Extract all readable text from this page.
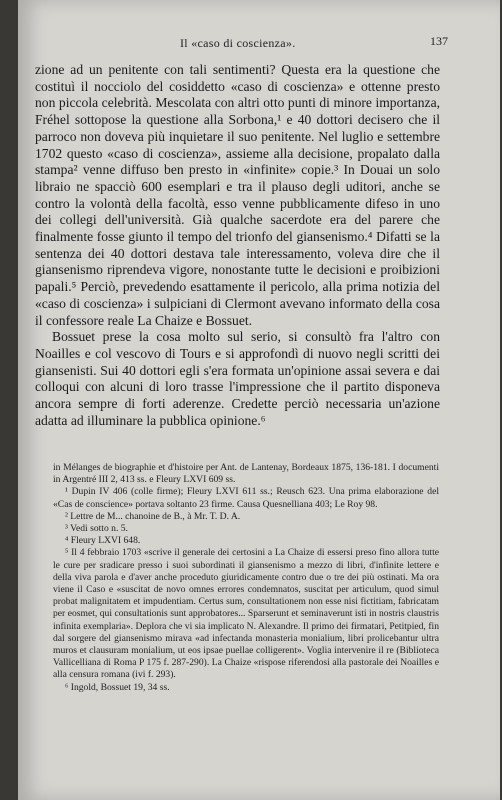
Il «caso di coscienza».	137

zione ad un penitente con tali sentimenti? Questa era la questione che costituì il nocciolo del cosiddetto «caso di coscienza» e ottenne presto non piccola celebrità. Mescolata con altri otto punti di minore importanza, Fréhel sottopose la questione alla Sorbona,¹ e 40 dottori decisero che il parroco non doveva più inquietare il suo penitente. Nel luglio e settembre 1702 questo «caso di coscienza», assieme alla decisione, propalato dalla stampa² venne diffuso ben presto in «infinite» copie.³ In Douai un solo libraio ne spacciò 600 esemplari e tra il plauso degli uditori, anche se contro la volontà della facoltà, esso venne pubblicamente difeso in uno dei collegi dell'università. Già qualche sacerdote era del parere che finalmente fosse giunto il tempo del trionfo del giansenismo.⁴ Difatti se la sentenza dei 40 dottori destava tale interessamento, voleva dire che il giansenismo riprendeva vigore, nonostante tutte le decisioni e proibizioni papali.⁵ Perciò, prevedendo esattamente il pericolo, alla prima notizia del «caso di coscienza» i sulpiciani di Clermont avevano informato della cosa il confessore reale La Chaize e Bossuet.

Bossuet prese la cosa molto sul serio, si consultò fra l'altro con Noailles e col vescovo di Tours e si approfondì di nuovo negli scritti dei giansenisti. Sui 40 dottori egli s'era formata un'opinione assai severa e dai colloqui con alcuni di loro trasse l'impressione che il partito disponeva ancora sempre di forti aderenze. Credette perciò necessaria un'azione adatta ad illuminare la pubblica opinione.⁶

in Mélanges de biographie et d'histoire per Ant. de Lantenay, Bordeaux 1875, 136-181. I documenti in Argentré III 2, 413 ss. e Fleury LXVI 609 ss.

¹ Dupin IV 406 (colle firme); Fleury LXVI 611 ss.; Reusch 623. Una prima elaborazione del «Cas de conscience» portava soltanto 23 firme. Causa Quesnelliana 403; Le Roy 98.

² Lettre de M... chanoine de B., à Mr. T. D. A.

³ Vedi sotto n. 5.

⁴ Fleury LXVI 648.

⁵ Il 4 febbraio 1703 «scrive il generale dei certosini a La Chaize di essersi preso fino allora tutte le cure per sradicare presso i suoi subordinati il giansenismo a mezzo di libri, d'infinite lettere e della viva parola e d'aver anche proceduto giuridicamente contro due o tre dei più ostinati. Ma ora viene il Caso e «suscitat de novo omnes errores condemnatos, suscitat per articulum, quod simul probat malignitatem et impudentiam. Certus sum, consultationem non esse nisi fictitiam, fabricatam per eosmet, qui consultationis sunt approbatores... Sparserunt et seminaverunt isti in nostris claustris infinita exemplaria». Deplora che vi sia implicato N. Alexandre. Il primo dei firmatari, Petitpied, fin dal sorgere del giansenismo mirava «ad infectanda monasteria monialium, libri prolicebantur ultra muros et clausuram monialium, ut eos ipsae puellae colligerent». Voglia intervenire il re (Biblioteca Vallicelliana di Roma P 175 f. 287-290). La Chaize «rispose riferendosi alla pastorale dei Noailles e alla censura romana (ivi f. 293).

⁶ Ingold, Bossuet 19, 34 ss.
